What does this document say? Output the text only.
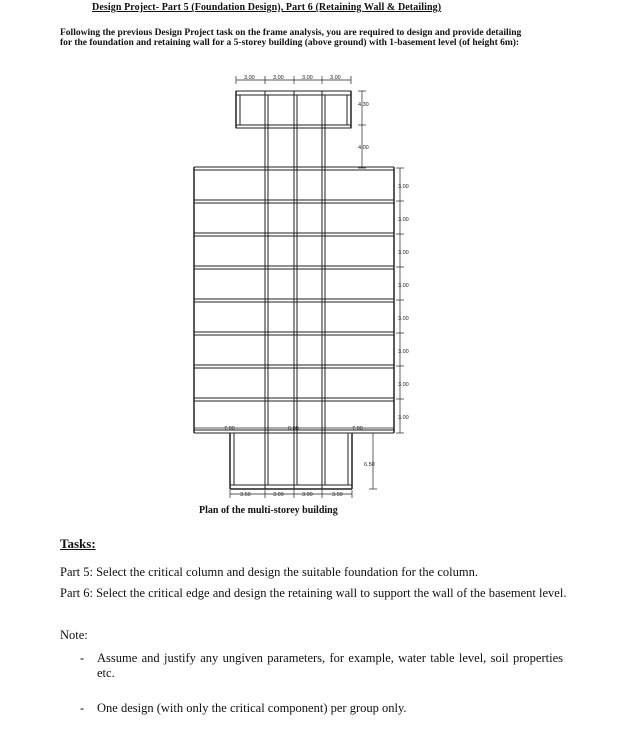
Design Project- Part 5 (Foundation Design), Part 6 (Retaining Wall & Detailing)
Following the previous Design Project task on the frame analysis, you are required to design and provide detailing for the foundation and retaining wall for a 5-storey building (above ground) with 1-basement level (of height 6m):
3.00	3.00	3.00	3.00
4.30
4.00
3.00
3.00
3.00
3.00
3.00
3.00
3.00
3.00
7.00	6.00	7.00
6.50
3.50	3.00	3.00	3.50
Plan of the multi-storey building
Tasks:
Part 5: Select the critical column and design the suitable foundation for the column.
Part 6: Select the critical edge and design the retaining wall to support the wall of the basement level.
Note:
- Assume and justify any ungiven parameters, for example, water table level, soil properties etc.
- One design (with only the critical component) per group only.
